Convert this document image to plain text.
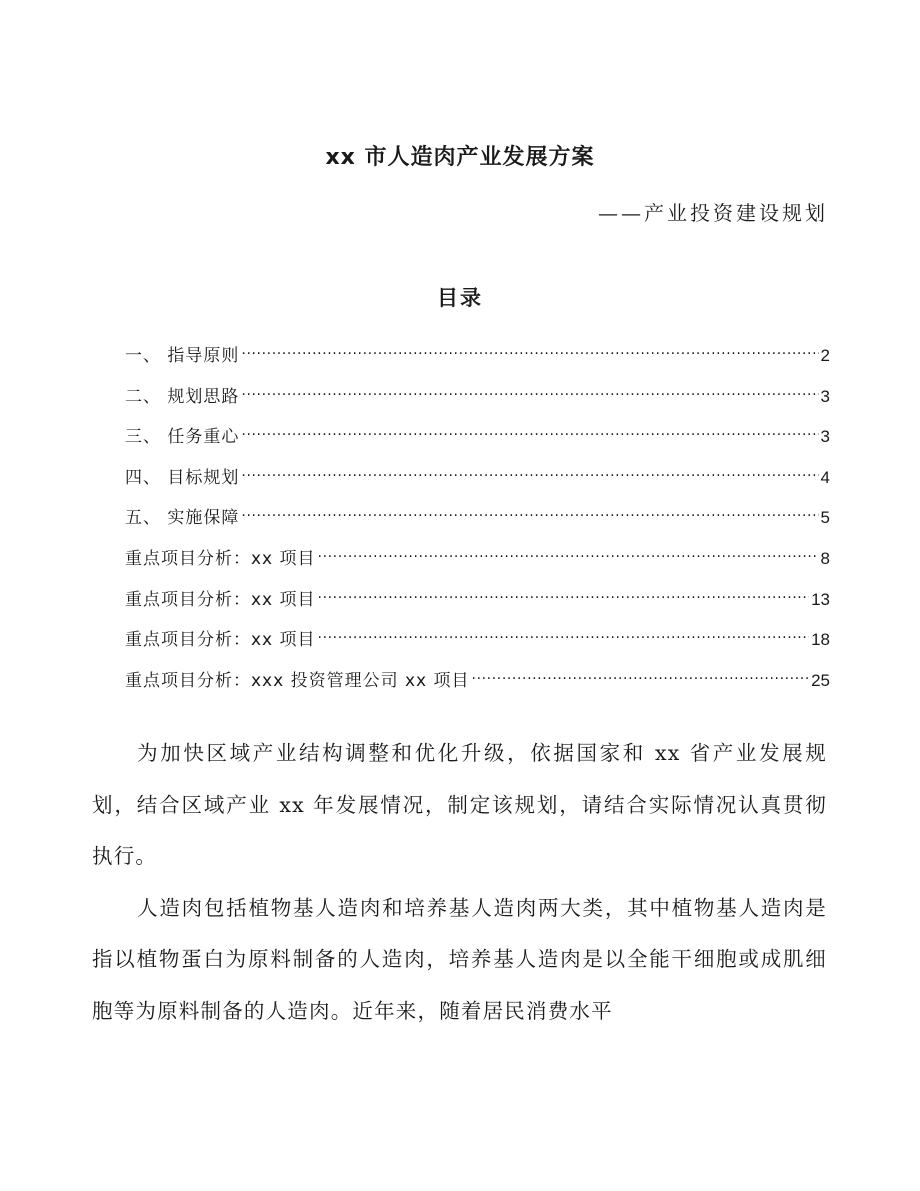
xx 市人造肉产业发展方案
——产业投资建设规划
目录
一、 指导原则 .....	2
二、 规划思路 .....	3
三、 任务重心 .....	3
四、 目标规划 .....	4
五、 实施保障 .....	5
重点项目分析：xx 项目 .....	8
重点项目分析：xx 项目 .....	13
重点项目分析：xx 项目 .....	18
重点项目分析：xxx 投资管理公司 xx 项目 .....	25

为加快区域产业结构调整和优化升级，依据国家和 xx 省产业发展规划，结合区域产业 xx 年发展情况，制定该规划，请结合实际情况认真贯彻执行。

人造肉包括植物基人造肉和培养基人造肉两大类，其中植物基人造肉是指以植物蛋白为原料制备的人造肉，培养基人造肉是以全能干细胞或成肌细胞等为原料制备的人造肉。近年来，随着居民消费水平
